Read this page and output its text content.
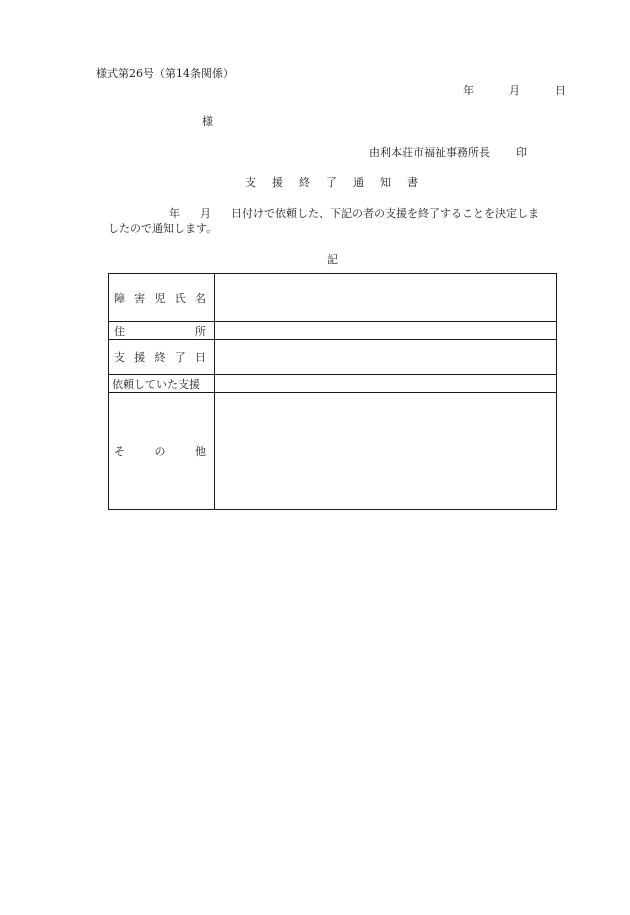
様式第26号（第14条関係）
年	月	日
様
由利本荘市福祉事務所長 印
支 援 終 了 通 知 書
年 月 日付けで依頼した、下記の者の支援を終了することを決定しま
したので通知します。
記
障 害 児 氏 名
住	所
支 援 終 了 日
依頼していた支援
そ	の	他
